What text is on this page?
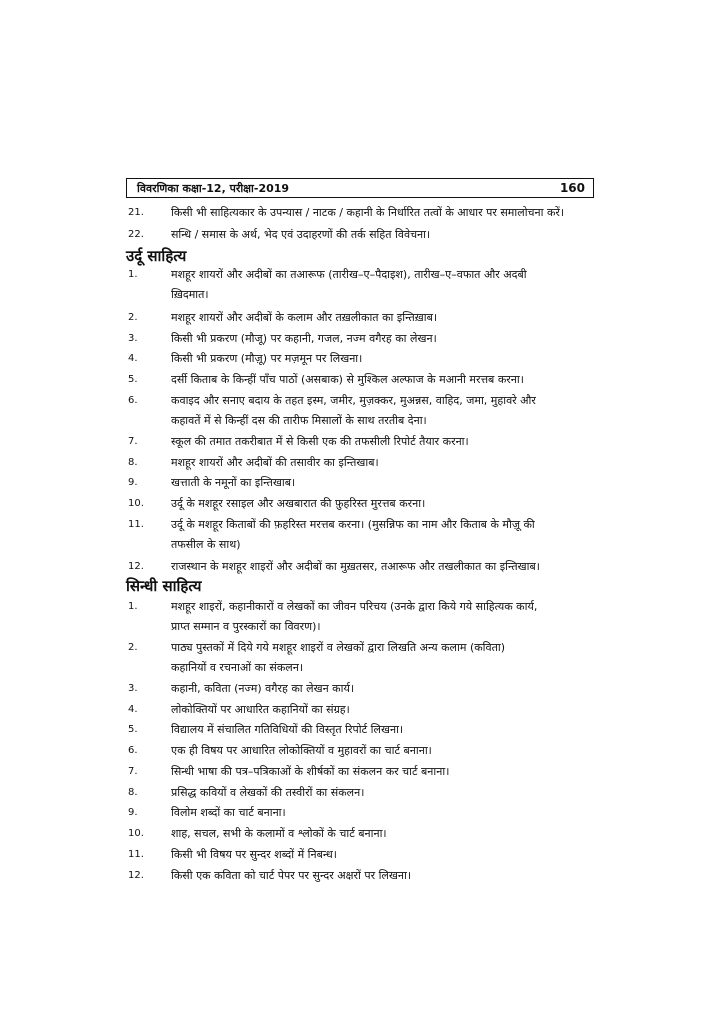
विवरणिका कक्षा-12, परीक्षा-2019	160
21.	किसी भी साहित्यकार के उपन्यास / नाटक / कहानी के निर्धारित तत्वों के आधार पर समालोचना करें।
22.	सन्धि / समास के अर्थ, भेद एवं उदाहरणों की तर्क सहित विवेचना।
उर्दू साहित्य
1.	मशहूर शायरों और अदीबों का तआरूफ (तारीख–ए–पैदाइश), तारीख–ए–वफात और अदबी
ख़िदमात।
2.	मशहूर शायरों और अदीबों के कलाम और तख़लीकात का इन्तिख़ाब।
3.	किसी भी प्रकरण (मौजू) पर कहानी, गजल, नज्म वगैरह का लेखन।
4.	किसी भी प्रकरण (मौज़ू) पर मज़मून पर लिखना।
5.	दर्सी किताब के किन्हीं पाँच पाठों (असबाक) से मुश्किल अल्फाज के मआनी मरत्तब करना।
6.	कवाइद और सनाए बदाय के तहत इस्म, जमीर, मुज़क्कर, मुअन्नस, वाहिद, जमा, मुहावरे और
कहावतें में से किन्हीं दस की तारीफ मिसालों के साथ तरतीब देना।
7.	स्कूल की तमात तकरीबात में से किसी एक की तफसीली रिपोर्ट तैयार करना।
8.	मशहूर शायरों और अदीबों की तसावीर का इन्तिखाब।
9.	खत्ताती के नमूनों का इन्तिखाब।
10.	उर्दू के मशहूर रसाइल और अखबारात की फ़ुहरिस्त मुरत्तब करना।
11.	उर्दू के मशहूर किताबों की फ़हरिस्त मरत्तब करना। (मुसन्निफ का नाम और किताब के मौज़ू की
तफसील के साथ)
12.	राजस्थान के मशहूर शाइरों और अदीबों का मुख़तसर, तआरूफ और तखलीकात का इन्तिखाब।
सिन्धी साहित्य
1.	मशहूर शाइरों, कहानीकारों व लेखकों का जीवन परिचय (उनके द्वारा किये गये साहित्यक कार्य,
प्राप्त सम्मान व पुरस्कारों का विवरण)।
2.	पाठ्य पुस्तकों में दिये गये मशहूर शाइरों व लेखकों द्वारा लिखति अन्य कलाम (कविता)
कहानियों व रचनाओं का संकलन।
3.	कहानी, कविता (नज्म) वगैरह का लेखन कार्य।
4.	लोकोक्तियों पर आधारित कहानियों का संग्रह।
5.	विद्यालय में संचालित गतिविधियों की विस्तृत रिपोर्ट लिखना।
6.	एक ही विषय पर आधारित लोकोक्तियों व मुहावरों का चार्ट बनाना।
7.	सिन्धी भाषा की पत्र–पत्रिकाओं के शीर्षकों का संकलन कर चार्ट बनाना।
8.	प्रसिद्ध कवियों व लेखकों की तस्वीरों का संकलन।
9.	विलोम शब्दों का चार्ट बनाना।
10.	शाह, सचल, सभी के कलामों व श्लोकों के चार्ट बनाना।
11.	किसी भी विषय पर सुन्दर शब्दों में निबन्ध।
12.	किसी एक कविता को चार्ट पेपर पर सुन्दर अक्षरों पर लिखना।
